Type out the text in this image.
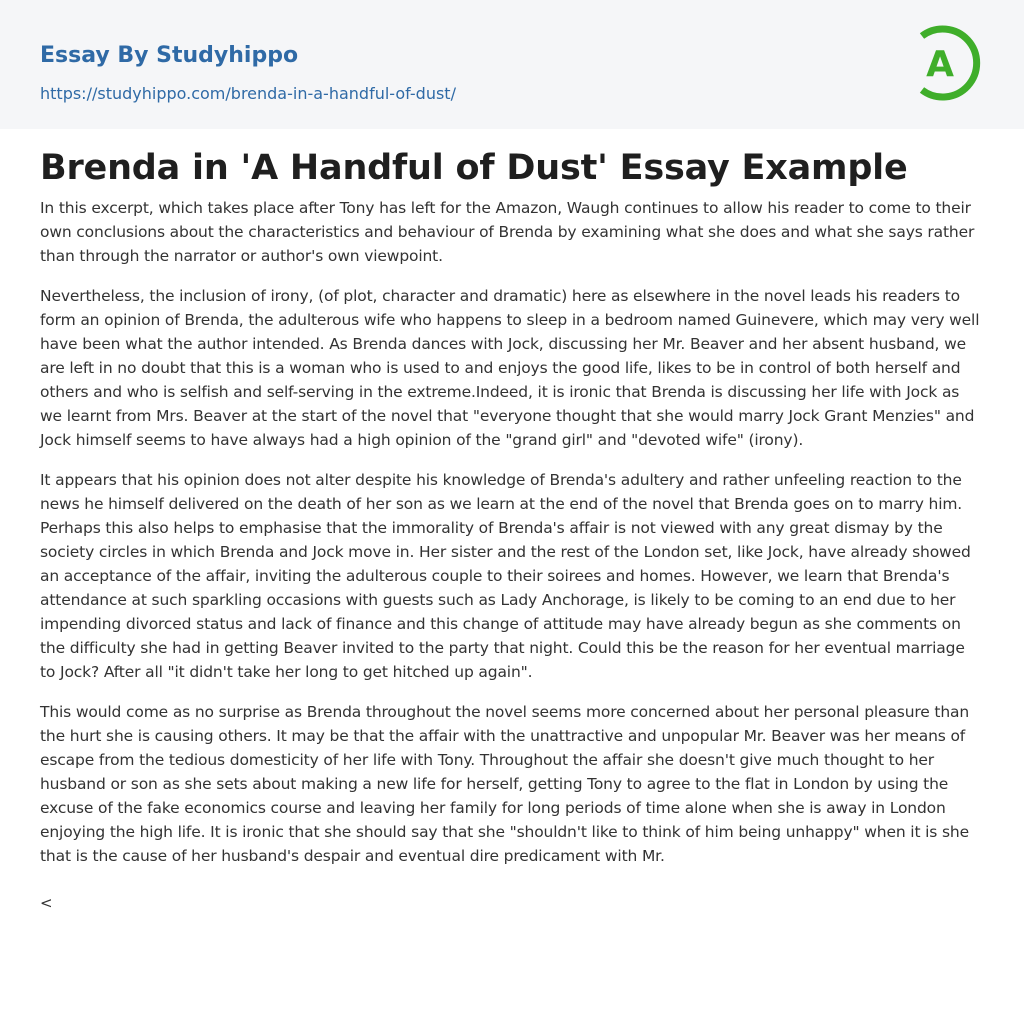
Essay By Studyhippo
https://studyhippo.com/brenda-in-a-handful-of-dust/
A
Brenda in 'A Handful of Dust' Essay Example

In this excerpt, which takes place after Tony has left for the Amazon, Waugh continues to allow his reader to come to their own conclusions about the characteristics and behaviour of Brenda by examining what she does and what she says rather than through the narrator or author's own viewpoint.

Nevertheless, the inclusion of irony, (of plot, character and dramatic) here as elsewhere in the novel leads his readers to form an opinion of Brenda, the adulterous wife who happens to sleep in a bedroom named Guinevere, which may very well have been what the author intended. As Brenda dances with Jock, discussing her Mr. Beaver and her absent husband, we are left in no doubt that this is a woman who is used to and enjoys the good life, likes to be in control of both herself and others and who is selfish and self-serving in the extreme.Indeed, it is ironic that Brenda is discussing her life with Jock as we learnt from Mrs. Beaver at the start of the novel that "everyone thought that she would marry Jock Grant Menzies" and Jock himself seems to have always had a high opinion of the "grand girl" and "devoted wife" (irony).

It appears that his opinion does not alter despite his knowledge of Brenda's adultery and rather unfeeling reaction to the news he himself delivered on the death of her son as we learn at the end of the novel that Brenda goes on to marry him. Perhaps this also helps to emphasise that the immorality of Brenda's affair is not viewed with any great dismay by the society circles in which Brenda and Jock move in. Her sister and the rest of the London set, like Jock, have already showed an acceptance of the affair, inviting the adulterous couple to their soirees and homes. However, we learn that Brenda's attendance at such sparkling occasions with guests such as Lady Anchorage, is likely to be coming to an end due to her impending divorced status and lack of finance and this change of attitude may have already begun as she comments on the difficulty she had in getting Beaver invited to the party that night. Could this be the reason for her eventual marriage to Jock? After all "it didn't take her long to get hitched up again".

This would come as no surprise as Brenda throughout the novel seems more concerned about her personal pleasure than the hurt she is causing others. It may be that the affair with the unattractive and unpopular Mr. Beaver was her means of escape from the tedious domesticity of her life with Tony. Throughout the affair she doesn't give much thought to her husband or son as she sets about making a new life for herself, getting Tony to agree to the flat in London by using the excuse of the fake economics course and leaving her family for long periods of time alone when she is away in London enjoying the high life. It is ironic that she should say that she "shouldn't like to think of him being unhappy" when it is she that is the cause of her husband's despair and eventual dire predicament with Mr.

<
